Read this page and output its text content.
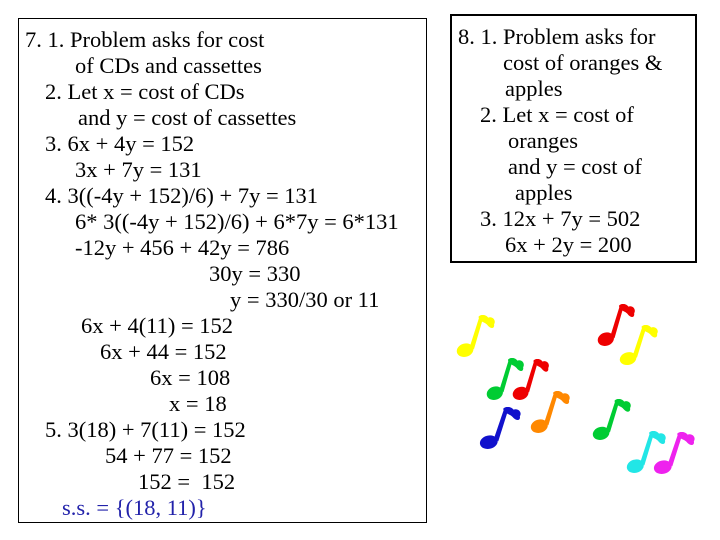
7. 1. Problem asks for cost
of CDs and cassettes
2. Let x = cost of CDs
and y = cost of cassettes
3. 6x + 4y = 152
3x + 7y = 131
4. 3((-4y + 152)/6) + 7y = 131
6* 3((-4y + 152)/6) + 6*7y = 6*131
-12y + 456 + 42y = 786
30y = 330
y = 330/30 or 11
6x + 4(11) = 152
6x + 44 = 152
6x = 108
x = 18
5. 3(18) + 7(11) = 152
54 + 77 = 152
152 =  152
s.s. = {(18, 11)}
8. 1. Problem asks for
cost of oranges &
apples
2. Let x = cost of
oranges
and y = cost of
apples
3. 12x + 7y = 502
6x + 2y = 200
